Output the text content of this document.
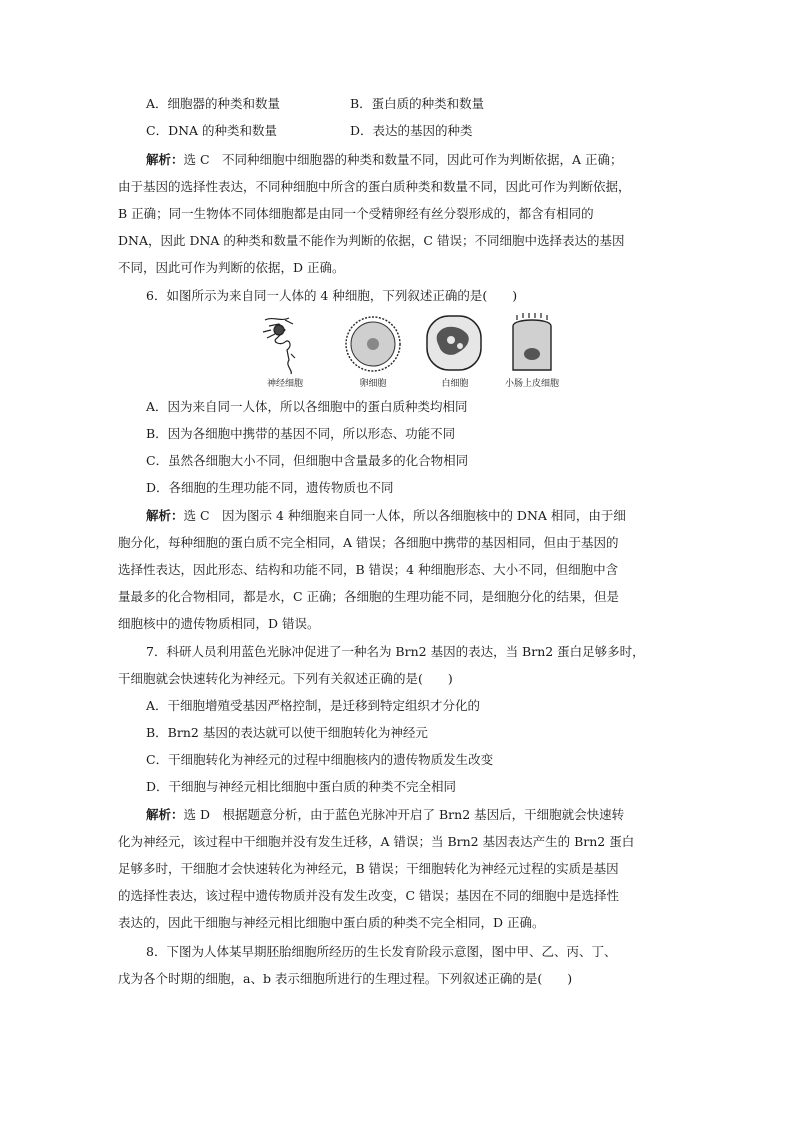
A．细胞器的种类和数量	B．蛋白质的种类和数量
C．DNA 的种类和数量	D．表达的基因的种类
解析：选 C　不同种细胞中细胞器的种类和数量不同，因此可作为判断依据，A 正确；
由于基因的选择性表达，不同种细胞中所含的蛋白质种类和数量不同，因此可作为判断依据，
B 正确；同一生物体不同体细胞都是由同一个受精卵经有丝分裂形成的，都含有相同的
DNA，因此 DNA 的种类和数量不能作为判断的依据，C 错误；不同细胞中选择表达的基因
不同，因此可作为判断的依据，D 正确。
6．如图所示为来自同一人体的 4 种细胞，下列叙述正确的是(　　)
神经细胞	卵细胞	白细胞	小肠上皮细胞
A．因为来自同一人体，所以各细胞中的蛋白质种类均相同
B．因为各细胞中携带的基因不同，所以形态、功能不同
C．虽然各细胞大小不同，但细胞中含量最多的化合物相同
D．各细胞的生理功能不同，遗传物质也不同
解析：选 C　因为图示 4 种细胞来自同一人体，所以各细胞核中的 DNA 相同，由于细
胞分化，每种细胞的蛋白质不完全相同，A 错误；各细胞中携带的基因相同，但由于基因的
选择性表达，因此形态、结构和功能不同，B 错误；4 种细胞形态、大小不同，但细胞中含
量最多的化合物相同，都是水，C 正确；各细胞的生理功能不同，是细胞分化的结果，但是
细胞核中的遗传物质相同，D 错误。
7．科研人员利用蓝色光脉冲促进了一种名为 Brn2 基因的表达，当 Brn2 蛋白足够多时，
干细胞就会快速转化为神经元。下列有关叙述正确的是(　　)
A．干细胞增殖受基因严格控制，是迁移到特定组织才分化的
B．Brn2 基因的表达就可以使干细胞转化为神经元
C．干细胞转化为神经元的过程中细胞核内的遗传物质发生改变
D．干细胞与神经元相比细胞中蛋白质的种类不完全相同
解析：选 D　根据题意分析，由于蓝色光脉冲开启了 Brn2 基因后，干细胞就会快速转
化为神经元，该过程中干细胞并没有发生迁移，A 错误；当 Brn2 基因表达产生的 Brn2 蛋白
足够多时，干细胞才会快速转化为神经元，B 错误；干细胞转化为神经元过程的实质是基因
的选择性表达，该过程中遗传物质并没有发生改变，C 错误；基因在不同的细胞中是选择性
表达的，因此干细胞与神经元相比细胞中蛋白质的种类不完全相同，D 正确。
8．下图为人体某早期胚胎细胞所经历的生长发育阶段示意图，图中甲、乙、丙、丁、
戊为各个时期的细胞，a、b 表示细胞所进行的生理过程。下列叙述正确的是(　　)
